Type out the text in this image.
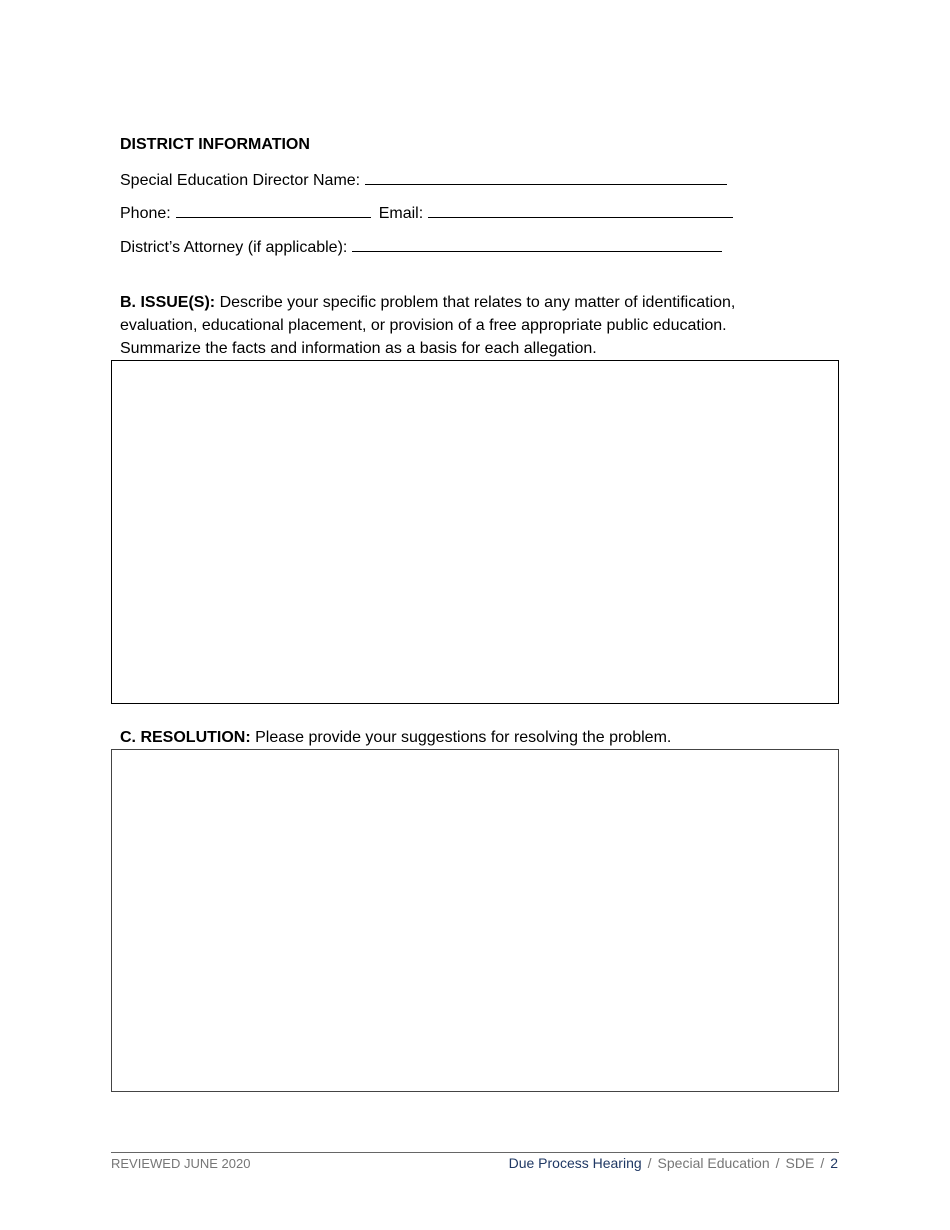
DISTRICT INFORMATION
Special Education Director Name:
Phone:	Email:
District’s Attorney (if applicable):
B. ISSUE(S): Describe your specific problem that relates to any matter of identification, evaluation, educational placement, or provision of a free appropriate public education. Summarize the facts and information as a basis for each allegation.
C. RESOLUTION: Please provide your suggestions for resolving the problem.
REVIEWED JUNE 2020	Due Process Hearing / Special Education / SDE / 2
